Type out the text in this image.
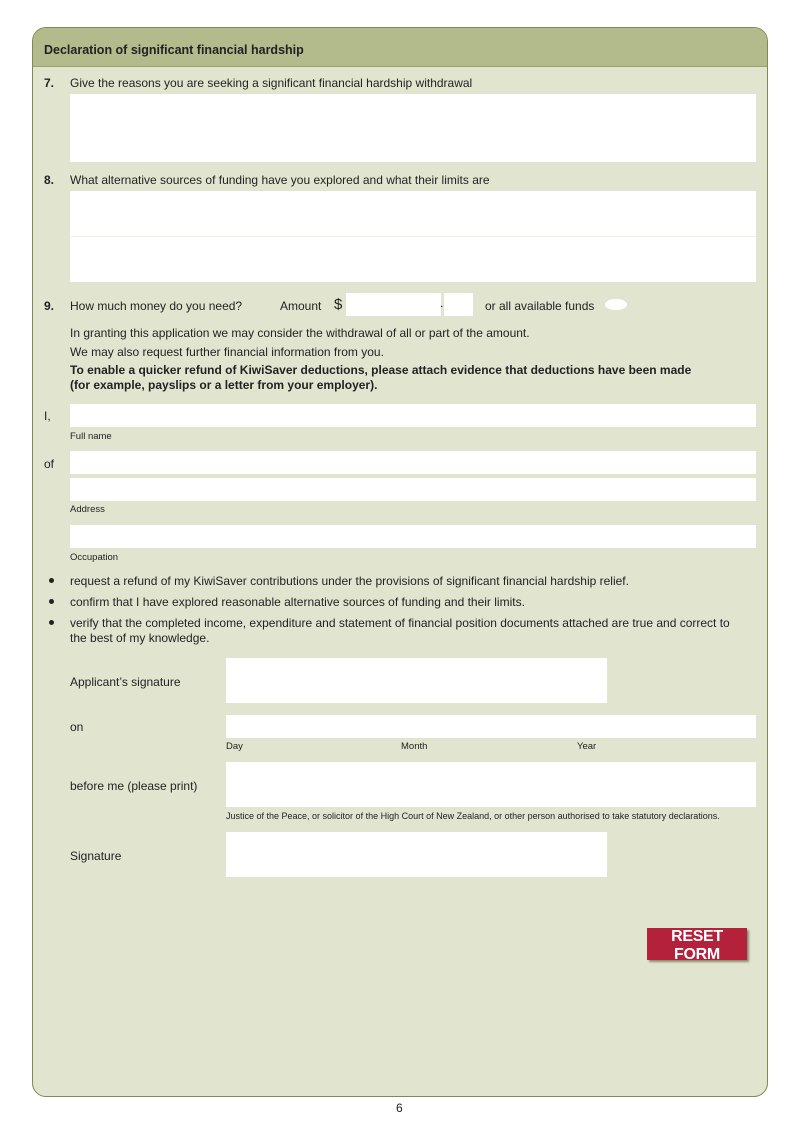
Declaration of significant financial hardship
7. Give the reasons you are seeking a significant financial hardship withdrawal
8. What alternative sources of funding have you explored and what their limits are
9. How much money do you need?	Amount $	.	or all available funds
In granting this application we may consider the withdrawal of all or part of the amount.
We may also request further financial information from you.
To enable a quicker refund of KiwiSaver deductions, please attach evidence that deductions have been made
(for example, payslips or a letter from your employer).
I,
Full name
of
Address
Occupation
request a refund of my KiwiSaver contributions under the provisions of significant financial hardship relief.
confirm that I have explored reasonable alternative sources of funding and their limits.
verify that the completed income, expenditure and statement of financial position documents attached are true and correct to
the best of my knowledge.
Applicant’s signature
on
Day	Month	Year
before me (please print)
Justice of the Peace, or solicitor of the High Court of New Zealand, or other person authorised to take statutory declarations.
Signature
RESET FORM
6
